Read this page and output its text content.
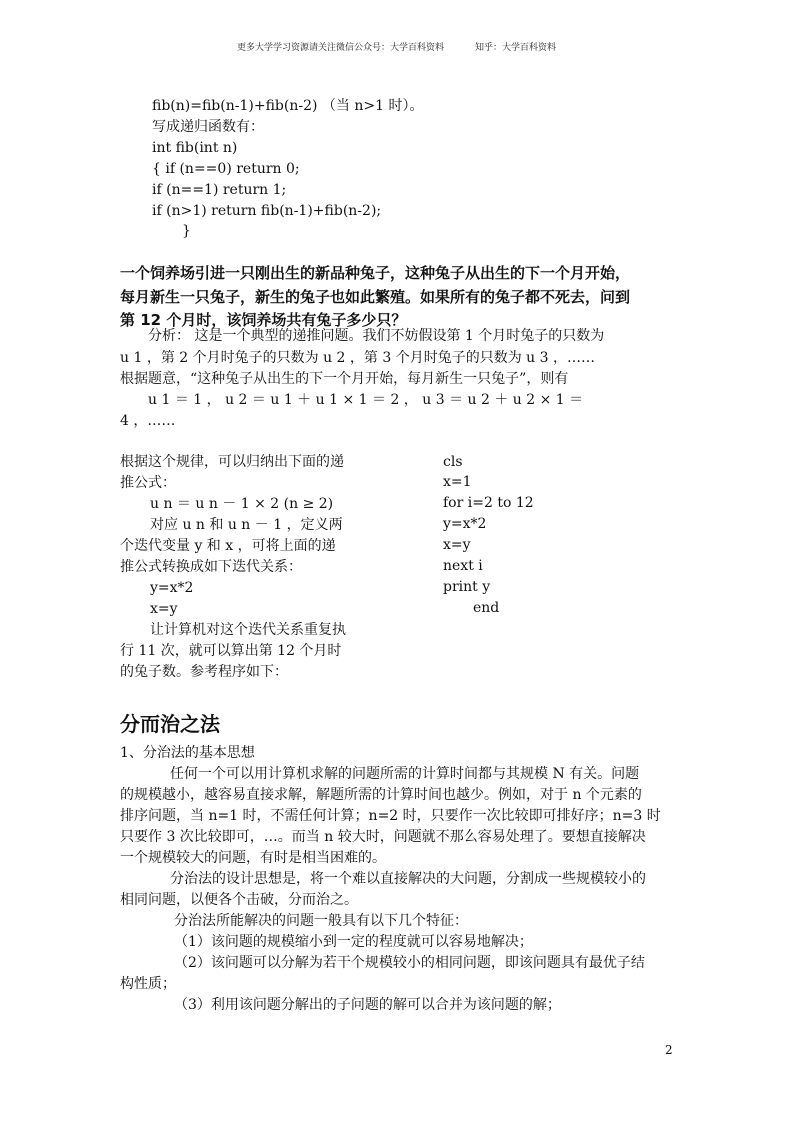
更多大学学习资源请关注微信公众号：大学百科资料	知乎：大学百科资料
fib(n)=fib(n-1)+fib(n-2) （当 n>1 时）。
写成递归函数有：
int fib(int n)
{ if (n==0) return 0;
if (n==1) return 1;
if (n>1) return fib(n-1)+fib(n-2);
}
一个饲养场引进一只刚出生的新品种兔子，这种兔子从出生的下一个月开始，
每月新生一只兔子，新生的兔子也如此繁殖。如果所有的兔子都不死去，问到
第 12 个月时，该饲养场共有兔子多少只？
分析： 这是一个典型的递推问题。我们不妨假设第 1 个月时兔子的只数为
u 1 ，第 2 个月时兔子的只数为 u 2 ，第 3 个月时兔子的只数为 u 3 ，……
根据题意，“这种兔子从出生的下一个月开始，每月新生一只兔子”，则有
u 1 ＝ 1 ， u 2 ＝ u 1 ＋ u 1 × 1 ＝ 2 ， u 3 ＝ u 2 ＋ u 2 × 1 ＝
4 ，……
根据这个规律，可以归纳出下面的递
推公式：
u n ＝ u n － 1 × 2 (n ≥ 2)
对应 u n 和 u n － 1 ，定义两
个迭代变量 y 和 x ，可将上面的递
推公式转换成如下迭代关系：
y=x*2
x=y
让计算机对这个迭代关系重复执
行 11 次，就可以算出第 12 个月时
的兔子数。参考程序如下：
cls
x=1
for i=2 to 12
y=x*2
x=y
next i
print y
end
分而治之法
1、分治法的基本思想
任何一个可以用计算机求解的问题所需的计算时间都与其规模 N 有关。问题
的规模越小，越容易直接求解，解题所需的计算时间也越少。例如，对于 n 个元素的
排序问题，当 n=1 时，不需任何计算；n=2 时，只要作一次比较即可排好序；n=3 时
只要作 3 次比较即可，…。而当 n 较大时，问题就不那么容易处理了。要想直接解决
一个规模较大的问题，有时是相当困难的。
分治法的设计思想是，将一个难以直接解决的大问题，分割成一些规模较小的
相同问题，以便各个击破，分而治之。
分治法所能解决的问题一般具有以下几个特征：
（1）该问题的规模缩小到一定的程度就可以容易地解决；
（2）该问题可以分解为若干个规模较小的相同问题，即该问题具有最优子结
构性质；
（3）利用该问题分解出的子问题的解可以合并为该问题的解；
2
